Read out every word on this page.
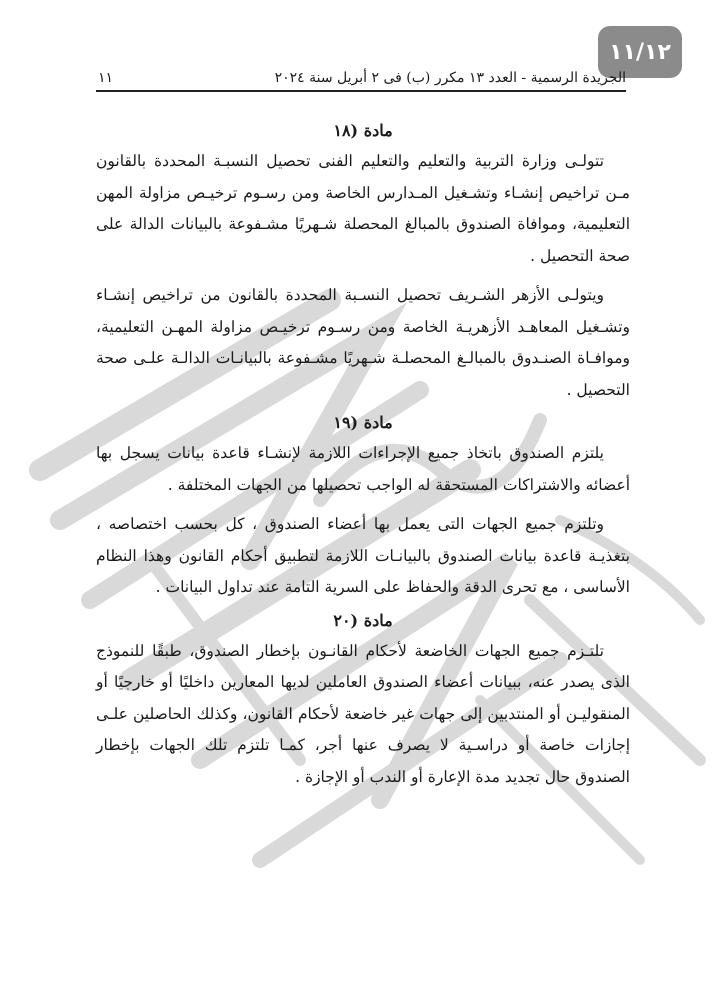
١١/١٢
الجريدة الرسمية - العدد ١٣ مكرر (ب) فى ٢ أبريل سنة ٢٠٢٤
١١

مادة (١٨

تتولـى وزارة التربية والتعليم والتعليم الفنى تحصيل النسبـة المحددة بالقانون مـن تراخيص إنشـاء وتشـغيل المـدارس الخاصة ومن رسـوم ترخيـص مزاولة المهن التعليمية، وموافاة الصندوق بالمبالغ المحصلة شـهريًا مشـفوعة بالبيانات الدالة على صحة التحصيل .

ويتولـى الأزهر الشـريف تحصيل النسـبة المحددة بالقانون من تراخيص إنشـاء وتشـغيل المعاهـد الأزهريـة الخاصة ومن رسـوم ترخيـص مزاولة المهـن التعليمية، وموافـاة الصنـدوق بالمبالـغ المحصلـة شـهريًا مشـفوعة بالبيانـات الدالـة علـى صحة التحصيل .

مادة (١٩

يلتزم الصندوق باتخاذ جميع الإجراءات اللازمة لإنشـاء قاعدة بيانات يسجل بها أعضائه والاشتراكات المستحقة له الواجب تحصيلها من الجهات المختلفة .

وتلتزم جميع الجهات التى يعمل بها أعضاء الصندوق ، كل بحسب اختصاصه ، بتغذيـة قاعدة بيانات الصندوق بالبيانـات اللازمة لتطبيق أحكام القانون وهذا النظام الأساسى ، مع تحرى الدقة والحفاظ على السرية التامة عند تداول البيانات .

مادة (٢٠

تلتـزم جميع الجهات الخاضعة لأحكام القانـون بإخطار الصندوق، طبقًا للنموذج الذى يصدر عنه، ببيانات أعضاء الصندوق العاملين لديها المعارين داخليًا أو خارجيًا أو المنقوليـن أو المنتدبين إلى جهات غير خاضعة لأحكام القانون، وكذلك الحاصلين علـى إجازات خاصة أو دراسـية لا يصرف عنها أجر، كمـا تلتزم تلك الجهات بإخطار الصندوق حال تجديد مدة الإعارة أو الندب أو الإجازة .
